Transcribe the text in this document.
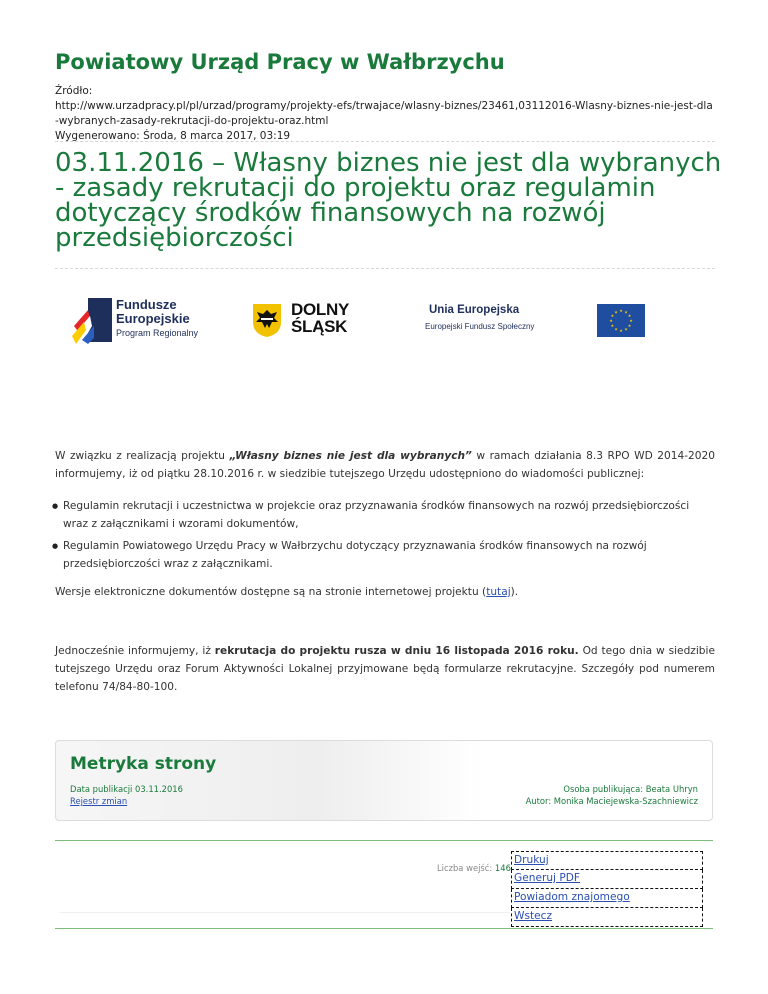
Powiatowy Urząd Pracy w Wałbrzychu
Źródło:
http://www.urzadpracy.pl/pl/urzad/programy/projekty-efs/trwajace/wlasny-biznes/23461,03112016-Wlasny-biznes-nie-jest-dla-wybranych-zasady-rekrutacji-do-projektu-oraz.html
Wygenerowano: Środa, 8 marca 2017, 03:19
03.11.2016 – Własny biznes nie jest dla wybranych - zasady rekrutacji do projektu oraz regulamin dotyczący środków finansowych na rozwój przedsiębiorczości
Fundusze
Europejskie
Program Regionalny
DOLNY
ŚLĄSK
Unia Europejska
Europejski Fundusz Społeczny
★ ★
★
★
★
★
★
★
★
★
★
★

W związku z realizacją projektu „Własny biznes nie jest dla wybranych” w ramach działania 8.3 RPO WD 2014-2020 informujemy, iż od piątku 28.10.2016 r. w siedzibie tutejszego Urzędu udostępniono do wiadomości publicznej:

● Regulamin rekrutacji i uczestnictwa w projekcie oraz przyznawania środków finansowych na rozwój przedsiębiorczości wraz z załącznikami i wzorami dokumentów,
● Regulamin Powiatowego Urzędu Pracy w Wałbrzychu dotyczący przyznawania środków finansowych na rozwój przedsiębiorczości wraz z załącznikami.

Wersje elektroniczne dokumentów dostępne są na stronie internetowej projektu (tutaj).

Jednocześnie informujemy, iż rekrutacja do projektu rusza w dniu 16 listopada 2016 roku. Od tego dnia w siedzibie tutejszego Urzędu oraz Forum Aktywności Lokalnej przyjmowane będą formularze rekrutacyjne. Szczegóły pod numerem telefonu 74/84-80-100.

Metryka strony
Data publikacji 03.11.2016
Rejestr zmian
Osoba publikująca: Beata Uhryn
Autor: Monika Maciejewska-Szachniewicz
Liczba wejść: 146
Drukuj
Generuj PDF
Powiadom znajomego
Wstecz
